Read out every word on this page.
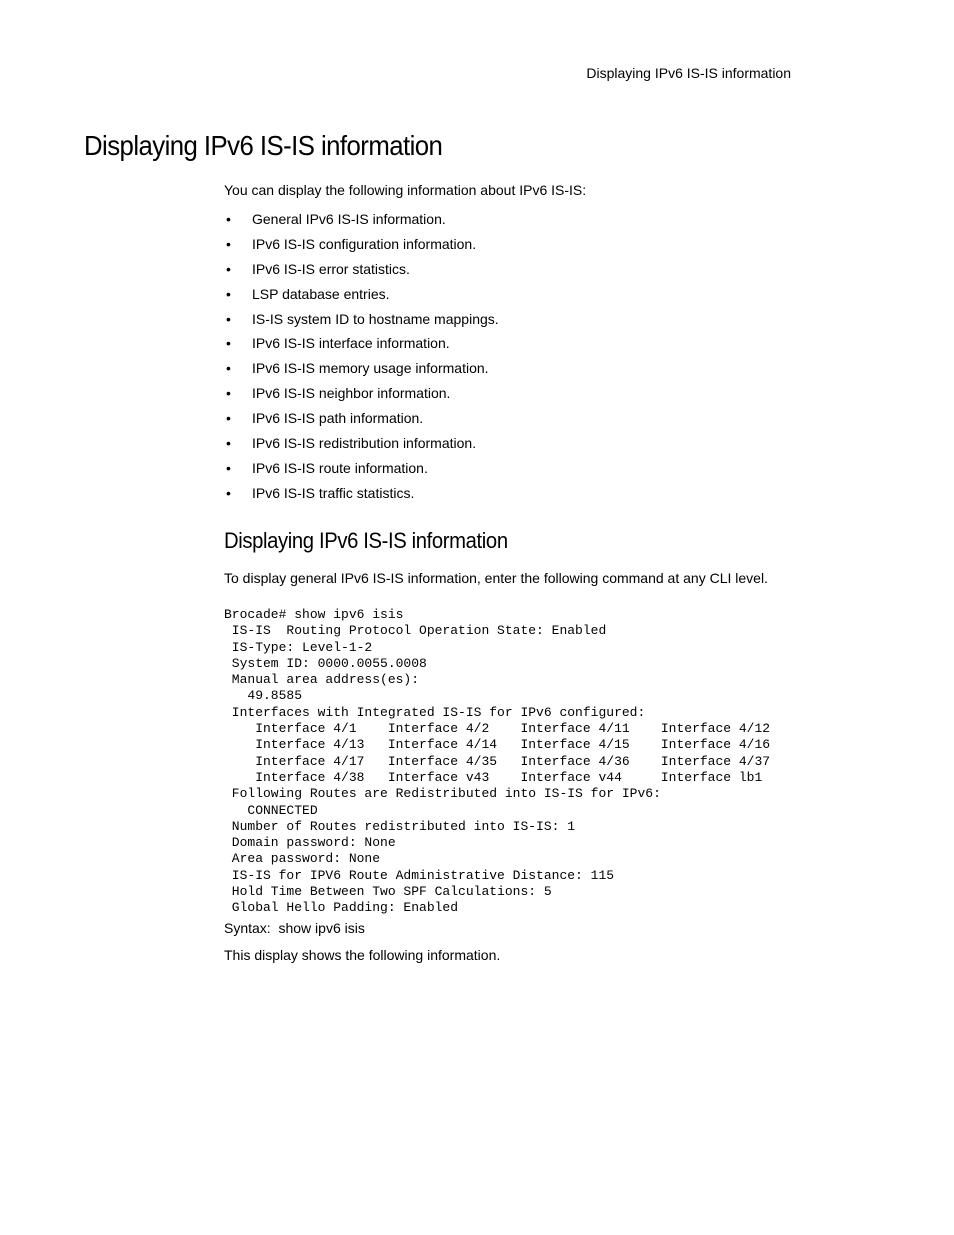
Displaying IPv6 IS-IS information
Displaying IPv6 IS-IS information

You can display the following information about IPv6 IS-IS:

• General IPv6 IS-IS information.
• IPv6 IS-IS configuration information.
• IPv6 IS-IS error statistics.
• LSP database entries.
• IS-IS system ID to hostname mappings.
• IPv6 IS-IS interface information.
• IPv6 IS-IS memory usage information.
• IPv6 IS-IS neighbor information.
• IPv6 IS-IS path information.
• IPv6 IS-IS redistribution information.
• IPv6 IS-IS route information.
• IPv6 IS-IS traffic statistics.
Displaying IPv6 IS-IS information

To display general IPv6 IS-IS information, enter the following command at any CLI level.

Brocade# show ipv6 isis
IS-IS  Routing Protocol Operation State: Enabled
IS-Type: Level-1-2
System ID: 0000.0055.0008
Manual area address(es):
49.8585
Interfaces with Integrated IS-IS for IPv6 configured:
Interface 4/1    Interface 4/2    Interface 4/11    Interface 4/12
Interface 4/13   Interface 4/14   Interface 4/15    Interface 4/16
Interface 4/17   Interface 4/35   Interface 4/36    Interface 4/37
Interface 4/38   Interface v43    Interface v44     Interface lb1
Following Routes are Redistributed into IS-IS for IPv6:
CONNECTED
Number of Routes redistributed into IS-IS: 1
Domain password: None
Area password: None
IS-IS for IPV6 Route Administrative Distance: 115
Hold Time Between Two SPF Calculations: 5
Global Hello Padding: Enabled

Syntax: show ipv6 isis

This display shows the following information.
